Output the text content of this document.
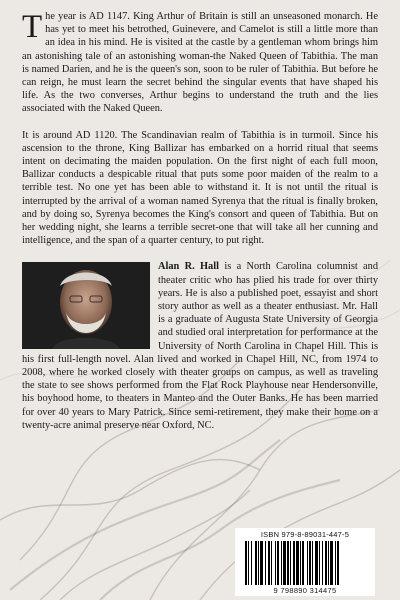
The year is AD 1147. King Arthur of Britain is still an unseasoned monarch. He has yet to meet his betrothed, Guinevere, and Camelot is still a little more than an idea in his mind. He is visited at the castle by a gentleman whom brings him an astonishing tale of an astonishing woman-the Naked Queen of Tabithia. The man is named Darien, and he is the queen's son, soon to be ruler of Tabithia. But before he can reign, he must learn the secret behind the singular events that have shaped his life. As the two converses, Arthur begins to understand the truth and the lies associated with the Naked Queen.

It is around AD 1120. The Scandinavian realm of Tabithia is in turmoil. Since his ascension to the throne, King Ballizar has embarked on a horrid ritual that seems intent on decimating the maiden population. On the first night of each full moon, Ballizar conducts a despicable ritual that puts some poor maiden of the realm to a terrible test. No one yet has been able to withstand it. It is not until the ritual is interrupted by the arrival of a woman named Syrenya that the ritual is finally broken, and by doing so, Syrenya becomes the King's consort and queen of Tabithia. But on her wedding night, she learns a terrible secret-one that will take all her cunning and intelligence, and the span of a quarter century, to put right.

Alan R. Hall is a North Carolina columnist and theater critic who has plied his trade for over thirty years. He is also a published poet, essayist and short story author as well as a theater enthusiast. Mr. Hall is a graduate of Augusta State University of Georgia and studied oral interpretation for performance at the University of North Carolina in Chapel Hill. This is his first full-length novel. Alan lived and worked in Chapel Hill, NC, from 1974 to 2008, where he worked closely with theater groups on campus, as well as traveling the state to see shows performed from the Flat Rock Playhouse near Hendersonville, his boyhood home, to theaters in Manteo and the Outer Banks. He has been married for over 40 years to Mary Patrick. Since semi-retirement, they make their home on a twenty-acre animal preserve near Oxford, NC.

ISBN 979-8-89031-447-5
9 798890 314475
